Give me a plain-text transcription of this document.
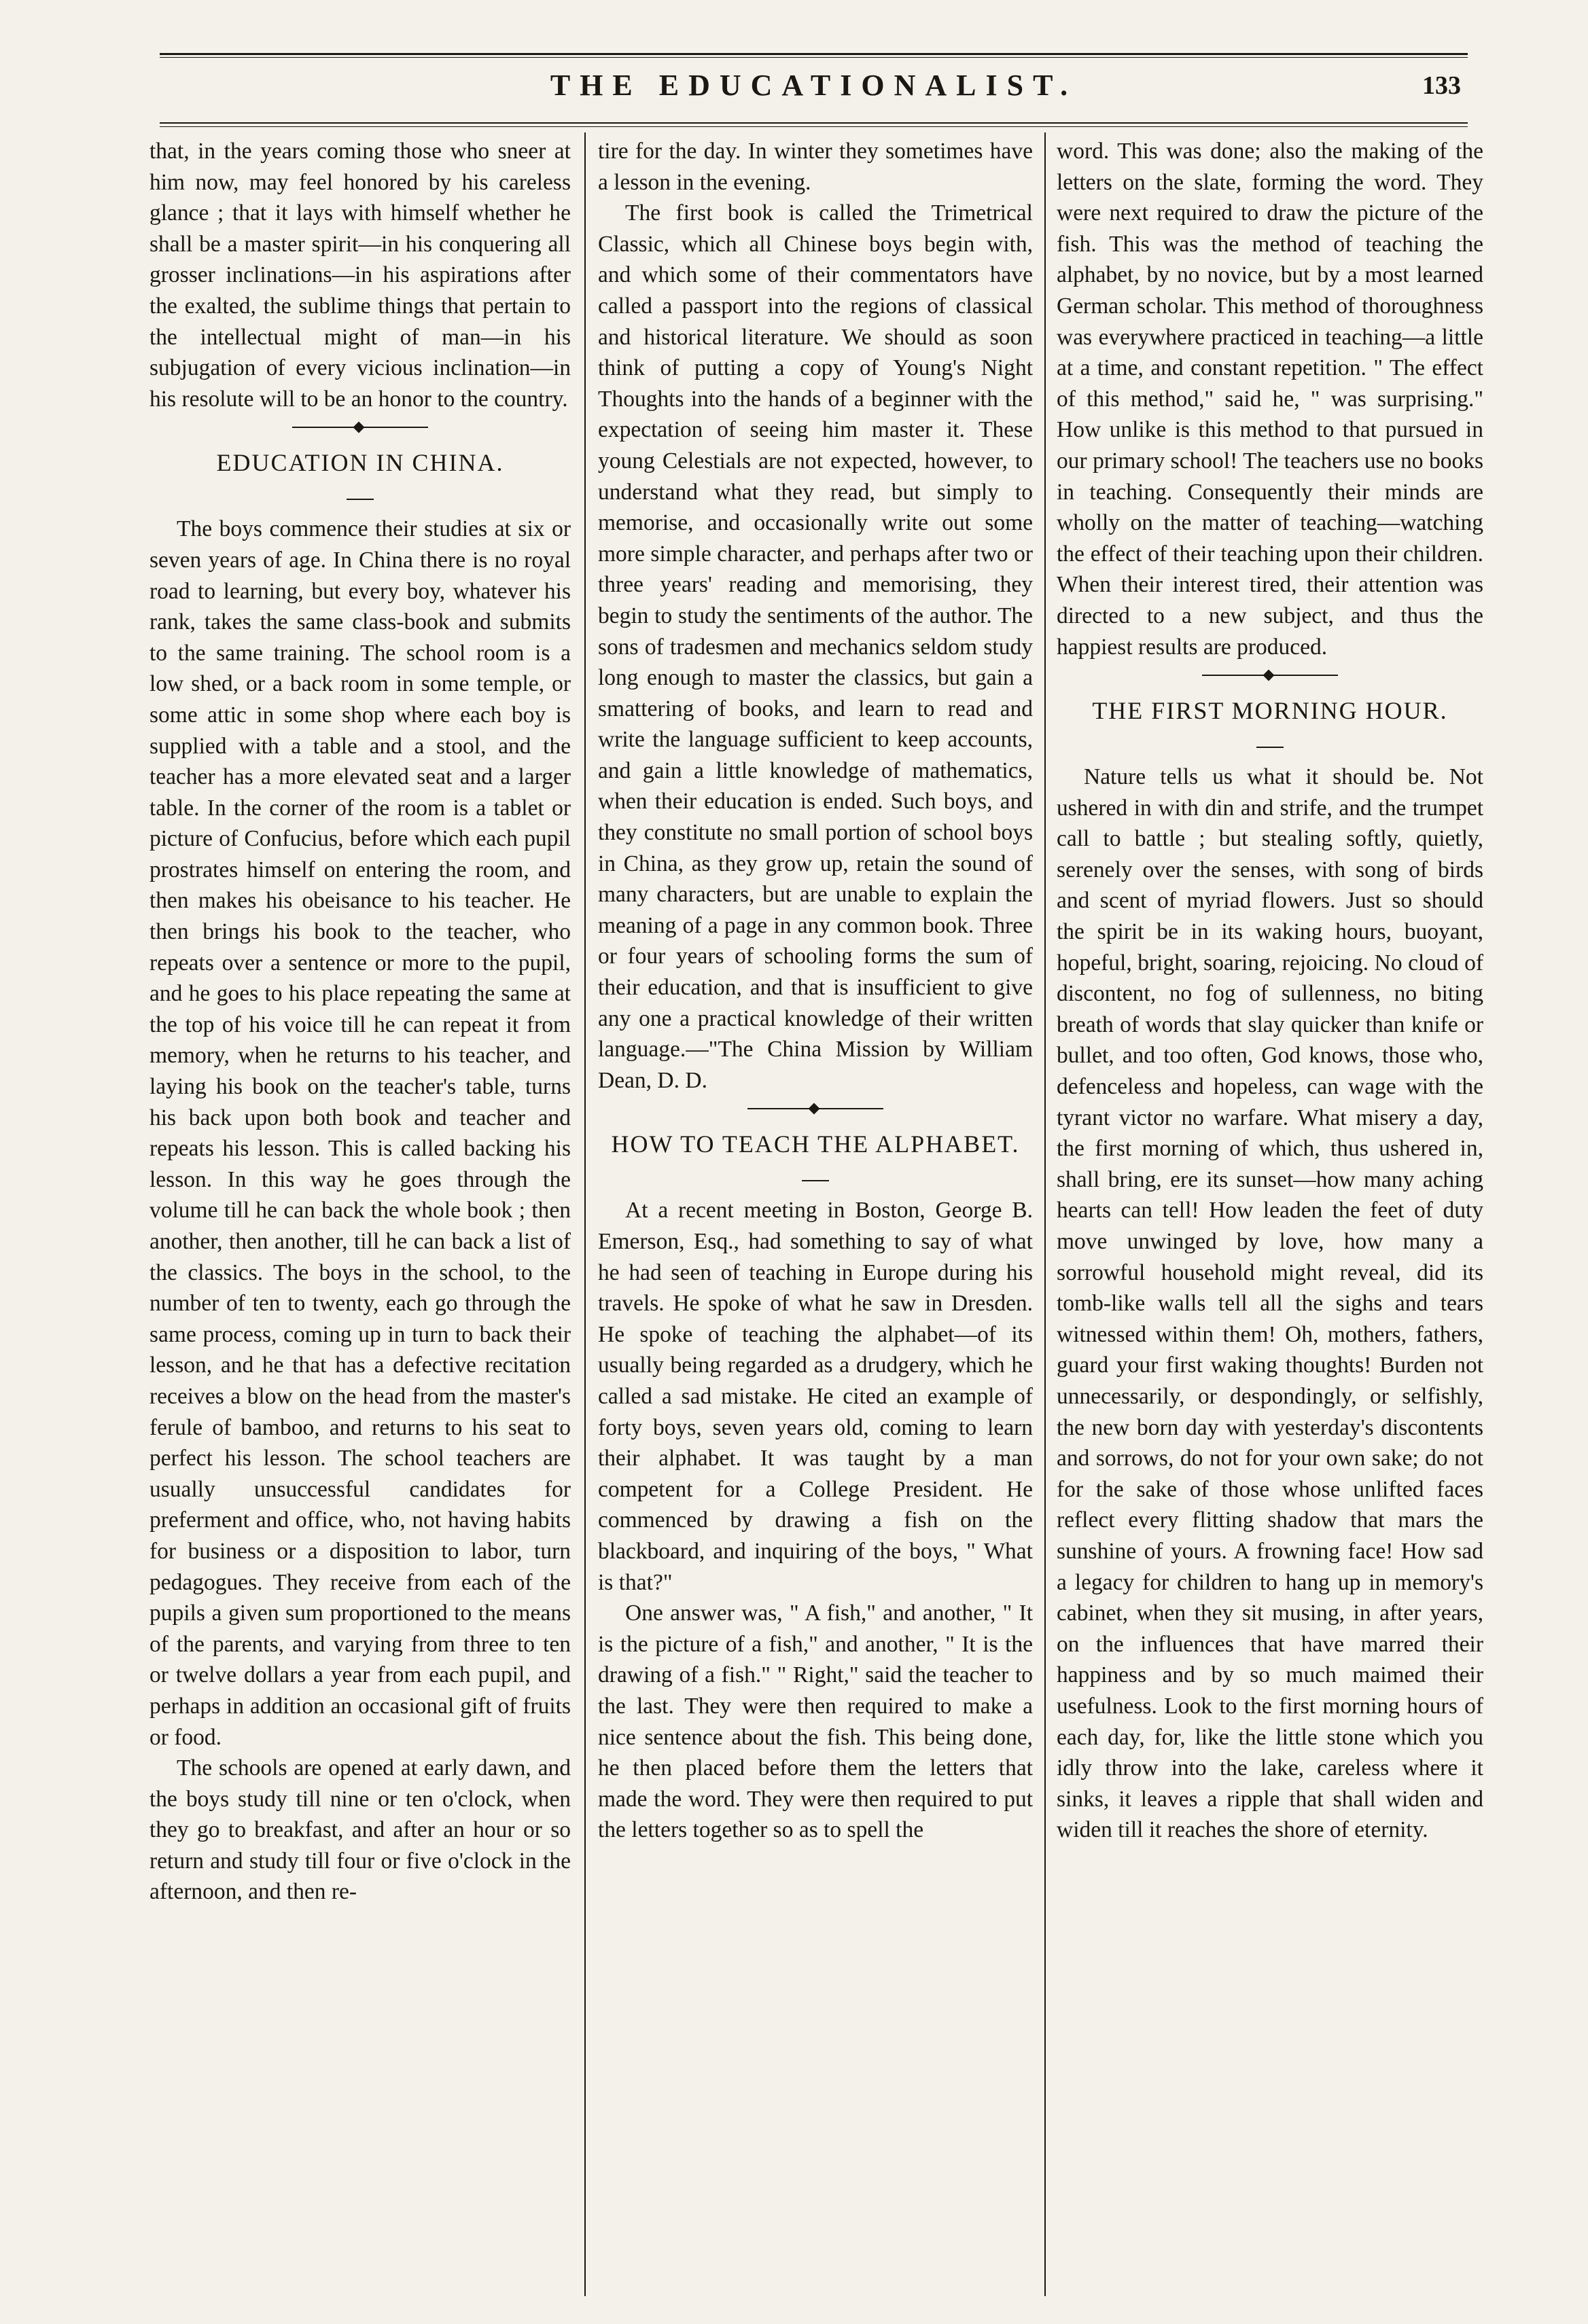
THE EDUCATIONALIST.	133

that, in the years coming those who sneer at him now, may feel honored by his careless glance ; that it lays with himself whether he shall be a master spirit—in his conquering all grosser inclinations—in his aspirations after the exalted, the sublime things that pertain to the intellectual might of man—in his subjugation of every vicious inclination—in his resolute will to be an honor to the country.

EDUCATION IN CHINA.

The boys commence their studies at six or seven years of age. In China there is no royal road to learning, but every boy, whatever his rank, takes the same class-book and submits to the same training. The school room is a low shed, or a back room in some temple, or some attic in some shop where each boy is supplied with a table and a stool, and the teacher has a more elevated seat and a larger table. In the corner of the room is a tablet or picture of Confucius, before which each pupil prostrates himself on entering the room, and then makes his obeisance to his teacher. He then brings his book to the teacher, who repeats over a sentence or more to the pupil, and he goes to his place repeating the same at the top of his voice till he can repeat it from memory, when he returns to his teacher, and laying his book on the teacher's table, turns his back upon both book and teacher and repeats his lesson. This is called backing his lesson. In this way he goes through the volume till he can back the whole book ; then another, then another, till he can back a list of the classics. The boys in the school, to the number of ten to twenty, each go through the same process, coming up in turn to back their lesson, and he that has a defective recitation receives a blow on the head from the master's ferule of bamboo, and returns to his seat to perfect his lesson. The school teachers are usually unsuccessful candidates for preferment and office, who, not having habits for business or a disposition to labor, turn pedagogues. They receive from each of the pupils a given sum proportioned to the means of the parents, and varying from three to ten or twelve dollars a year from each pupil, and perhaps in addition an occasional gift of fruits or food.

The schools are opened at early dawn, and the boys study till nine or ten o'clock, when they go to breakfast, and after an hour or so return and study till four or five o'clock in the afternoon, and then re-

tire for the day. In winter they sometimes have a lesson in the evening.

The first book is called the Trimetrical Classic, which all Chinese boys begin with, and which some of their commentators have called a passport into the regions of classical and historical literature. We should as soon think of putting a copy of Young's Night Thoughts into the hands of a beginner with the expectation of seeing him master it. These young Celestials are not expected, however, to understand what they read, but simply to memorise, and occasionally write out some more simple character, and perhaps after two or three years' reading and memorising, they begin to study the sentiments of the author. The sons of tradesmen and mechanics seldom study long enough to master the classics, but gain a smattering of books, and learn to read and write the language sufficient to keep accounts, and gain a little knowledge of mathematics, when their education is ended. Such boys, and they constitute no small portion of school boys in China, as they grow up, retain the sound of many characters, but are unable to explain the meaning of a page in any common book. Three or four years of schooling forms the sum of their education, and that is insufficient to give any one a practical knowledge of their written language.—"The China Mission by William Dean, D. D.

HOW TO TEACH THE ALPHABET.

At a recent meeting in Boston, George B. Emerson, Esq., had something to say of what he had seen of teaching in Europe during his travels. He spoke of what he saw in Dresden. He spoke of teaching the alphabet—of its usually being regarded as a drudgery, which he called a sad mistake. He cited an example of forty boys, seven years old, coming to learn their alphabet. It was taught by a man competent for a College President. He commenced by drawing a fish on the blackboard, and inquiring of the boys, " What is that?"

One answer was, " A fish," and another, " It is the picture of a fish," and another, " It is the drawing of a fish." " Right," said the teacher to the last. They were then required to make a nice sentence about the fish. This being done, he then placed before them the letters that made the word. They were then required to put the letters together so as to spell the

word. This was done; also the making of the letters on the slate, forming the word. They were next required to draw the picture of the fish. This was the method of teaching the alphabet, by no novice, but by a most learned German scholar. This method of thoroughness was everywhere practiced in teaching—a little at a time, and constant repetition. " The effect of this method," said he, " was surprising." How unlike is this method to that pursued in our primary school! The teachers use no books in teaching. Consequently their minds are wholly on the matter of teaching—watching the effect of their teaching upon their children. When their interest tired, their attention was directed to a new subject, and thus the happiest results are produced.

THE FIRST MORNING HOUR.

Nature tells us what it should be. Not ushered in with din and strife, and the trumpet call to battle ; but stealing softly, quietly, serenely over the senses, with song of birds and scent of myriad flowers. Just so should the spirit be in its waking hours, buoyant, hopeful, bright, soaring, rejoicing. No cloud of discontent, no fog of sullenness, no biting breath of words that slay quicker than knife or bullet, and too often, God knows, those who, defenceless and hopeless, can wage with the tyrant victor no warfare. What misery a day, the first morning of which, thus ushered in, shall bring, ere its sunset—how many aching hearts can tell! How leaden the feet of duty move unwinged by love, how many a sorrowful household might reveal, did its tomb-like walls tell all the sighs and tears witnessed within them! Oh, mothers, fathers, guard your first waking thoughts! Burden not unnecessarily, or despondingly, or selfishly, the new born day with yesterday's discontents and sorrows, do not for your own sake; do not for the sake of those whose unlifted faces reflect every flitting shadow that mars the sunshine of yours. A frowning face! How sad a legacy for children to hang up in memory's cabinet, when they sit musing, in after years, on the influences that have marred their happiness and by so much maimed their usefulness. Look to the first morning hours of each day, for, like the little stone which you idly throw into the lake, careless where it sinks, it leaves a ripple that shall widen and widen till it reaches the shore of eternity.
